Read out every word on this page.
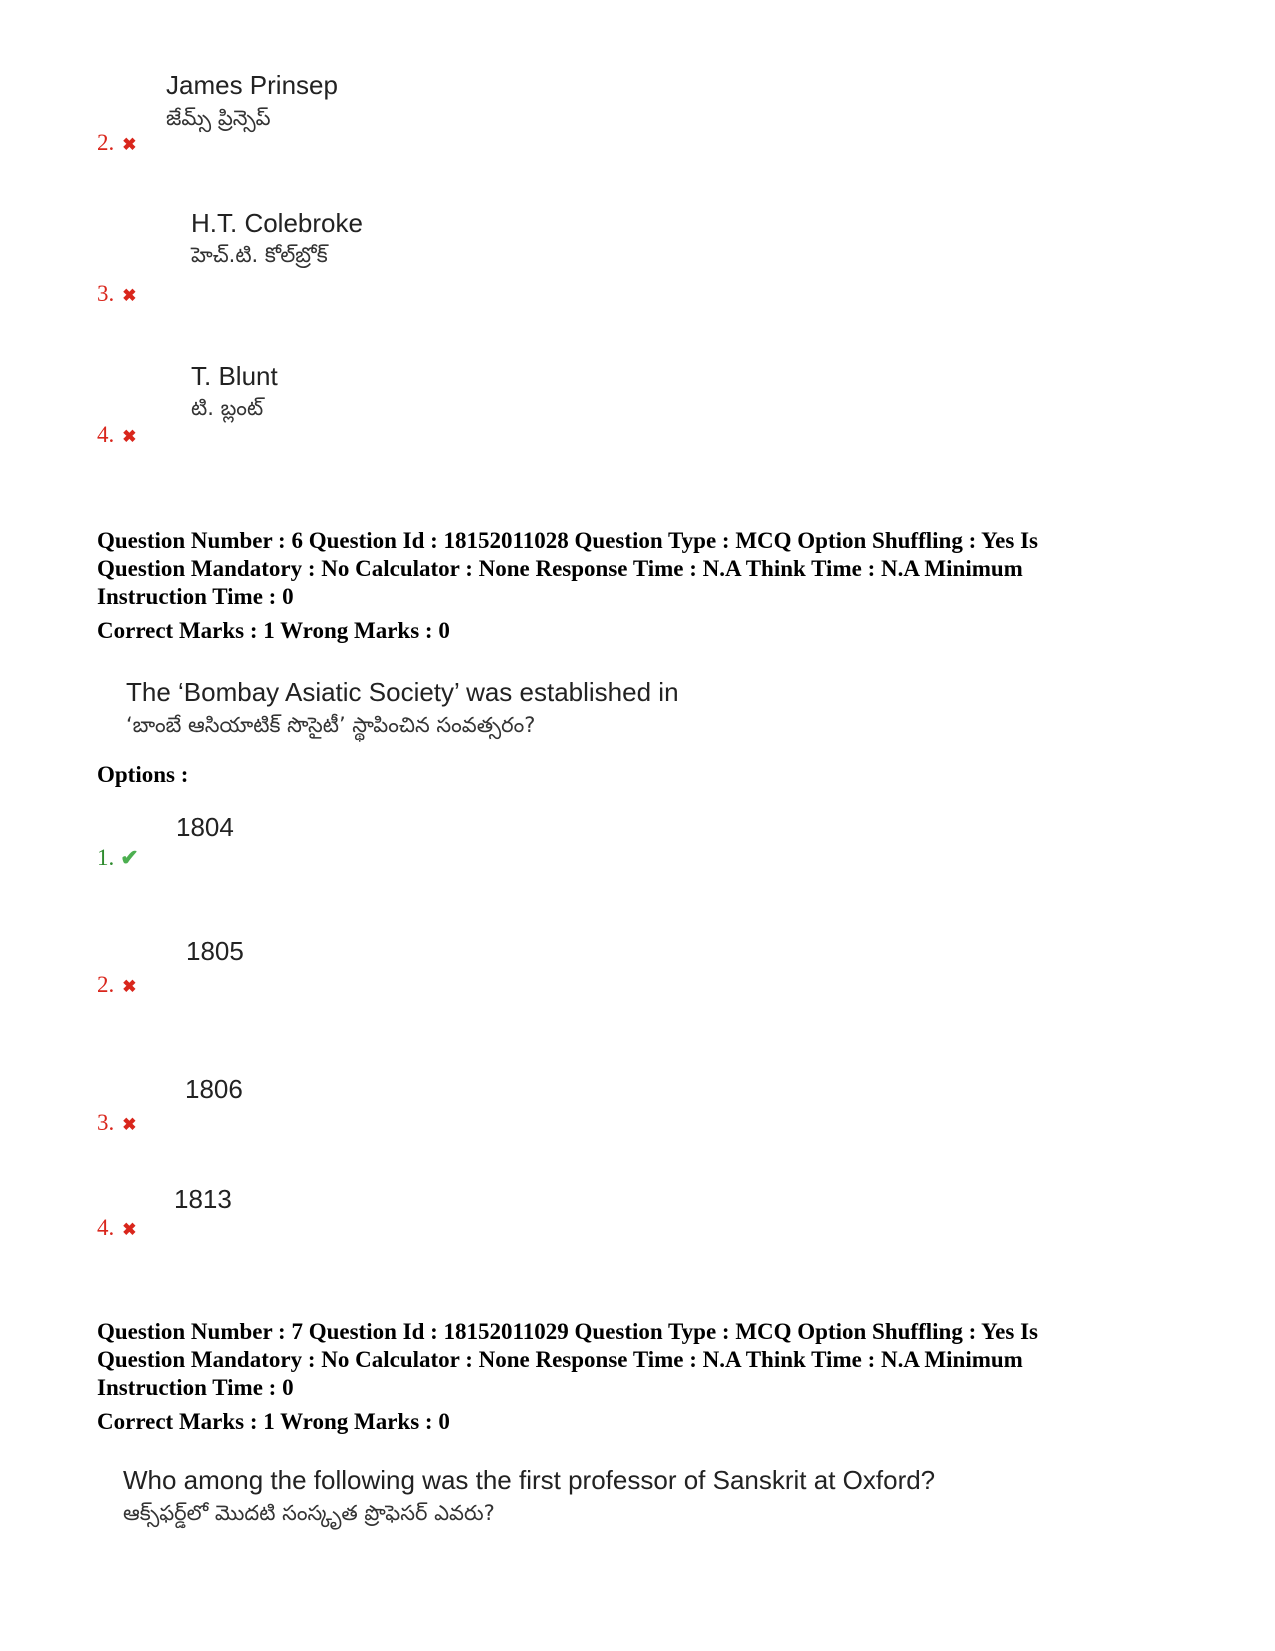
James Prinsep
జేమ్స్ ప్రిన్సెప్
2. ✖
H.T. Colebroke
హెచ్.టి. కోల్‌బ్రోక్
3. ✖
T. Blunt
టి. బ్లంట్
4. ✖
Question Number : 6 Question Id : 18152011028 Question Type : MCQ Option Shuffling : Yes Is
Question Mandatory : No Calculator : None Response Time : N.A Think Time : N.A Minimum
Instruction Time : 0
Correct Marks : 1 Wrong Marks : 0
The ‘Bombay Asiatic Society’ was established in
‘బాంబే ఆసియాటిక్ సొసైటీ’ స్థాపించిన సంవత్సరం?
Options :
1804
1. ✔
1805
2. ✖
1806
3. ✖
1813
4. ✖
Question Number : 7 Question Id : 18152011029 Question Type : MCQ Option Shuffling : Yes Is
Question Mandatory : No Calculator : None Response Time : N.A Think Time : N.A Minimum
Instruction Time : 0
Correct Marks : 1 Wrong Marks : 0
Who among the following was the first professor of Sanskrit at Oxford?
ఆక్స్‌ఫర్డ్‌లో మొదటి సంస్కృత ప్రొఫెసర్ ఎవరు?
